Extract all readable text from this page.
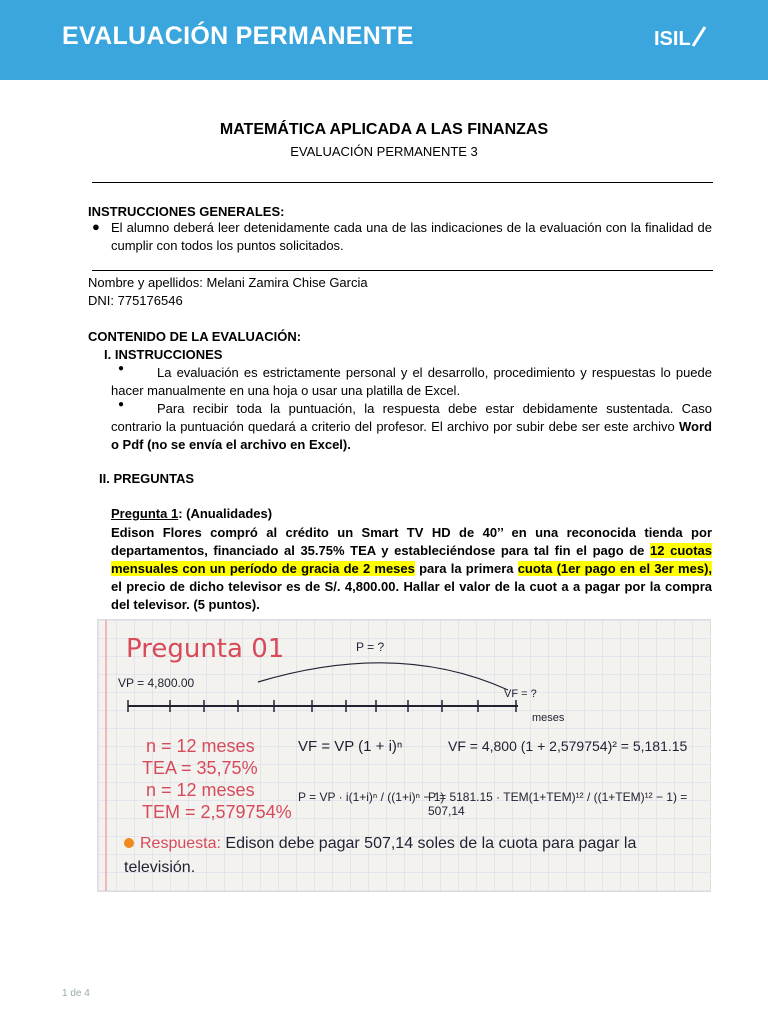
EVALUACIÓN PERMANENTE	ISIL
MATEMÁTICA APLICADA A LAS FINANZAS
EVALUACIÓN PERMANENTE 3
INSTRUCCIONES GENERALES:
● El alumno deberá leer detenidamente cada una de las indicaciones de la evaluación con la finalidad de cumplir con todos los puntos solicitados.
Nombre y apellidos: Melani Zamira Chise Garcia
DNI: 775176546
CONTENIDO DE LA EVALUACIÓN:
I. INSTRUCCIONES
●	La evaluación es estrictamente personal y el desarrollo, procedimiento y respuestas lo puede hacer manualmente en una hoja o usar una platilla de Excel.
●	Para recibir toda la puntuación, la respuesta debe estar debidamente sustentada. Caso contrario la puntuación quedará a criterio del profesor. El archivo por subir debe ser este archivo Word o Pdf (no se envía el archivo en Excel).
II. PREGUNTAS
Pregunta 1: (Anualidades)
Edison Flores compró al crédito un Smart TV HD de 40’’ en una reconocida tienda por departamentos, financiado al 35.75% TEA y estableciéndose para tal fin el pago de 12 cuotas mensuales con un período de gracia de 2 meses para la primera cuota (1er pago en el 3er mes), el precio de dicho televisor es de S/. 4,800.00. Hallar el valor de la cuot a a pagar por la compra del televisor. (5 puntos).
Pregunta 01
VP = 4,800.00
P = ?
VF = ?
meses
n = 12 meses
TEA = 35,75%
n = 12 meses
TEM = 2,579754%
VF = VP (1 + i)ⁿ
P = VP · i(1+i)ⁿ / ((1+i)ⁿ − 1)
VF = 4,800 (1 + 2,579754)² = 5,181.15
P = 5181.15 · TEM(1+TEM)¹² / ((1+TEM)¹² − 1) = 507,14
Respuesta: Edison debe pagar 507,14 soles de la cuota para pagar la televisión.
1 de 4
